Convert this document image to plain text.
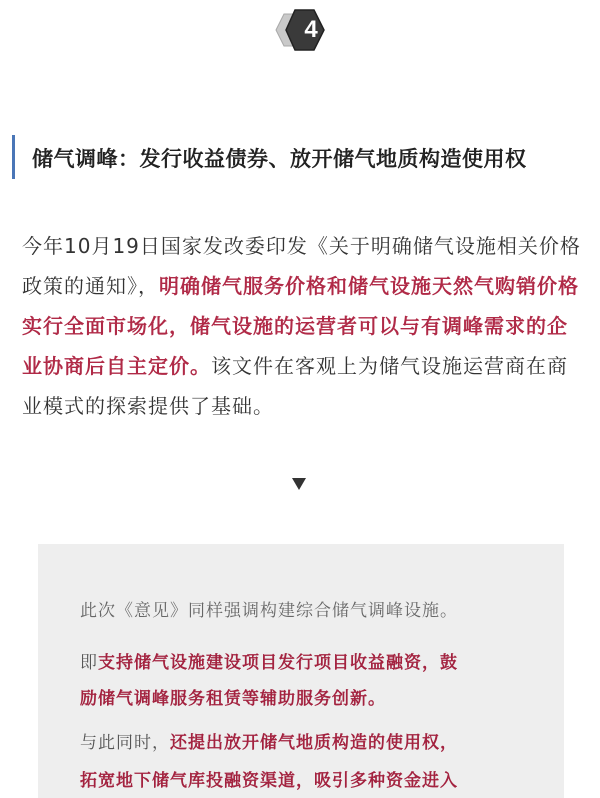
4
储气调峰：发行收益债券、放开储气地质构造使用权

今年10月19日国家发改委印发《关于明确储气设施相关价格政策的通知》，明确储气服务价格和储气设施天然气购销价格实行全面市场化，储气设施的运营者可以与有调峰需求的企业协商后自主定价。该文件在客观上为储气设施运营商在商业模式的探索提供了基础。

此次《意见》同样强调构建综合储气调峰设施。

即支持储气设施建设项目发行项目收益融资，鼓

励储气调峰服务租赁等辅助服务创新。

与此同时，还提出放开储气地质构造的使用权，

拓宽地下储气库投融资渠道，吸引多种资金进入
